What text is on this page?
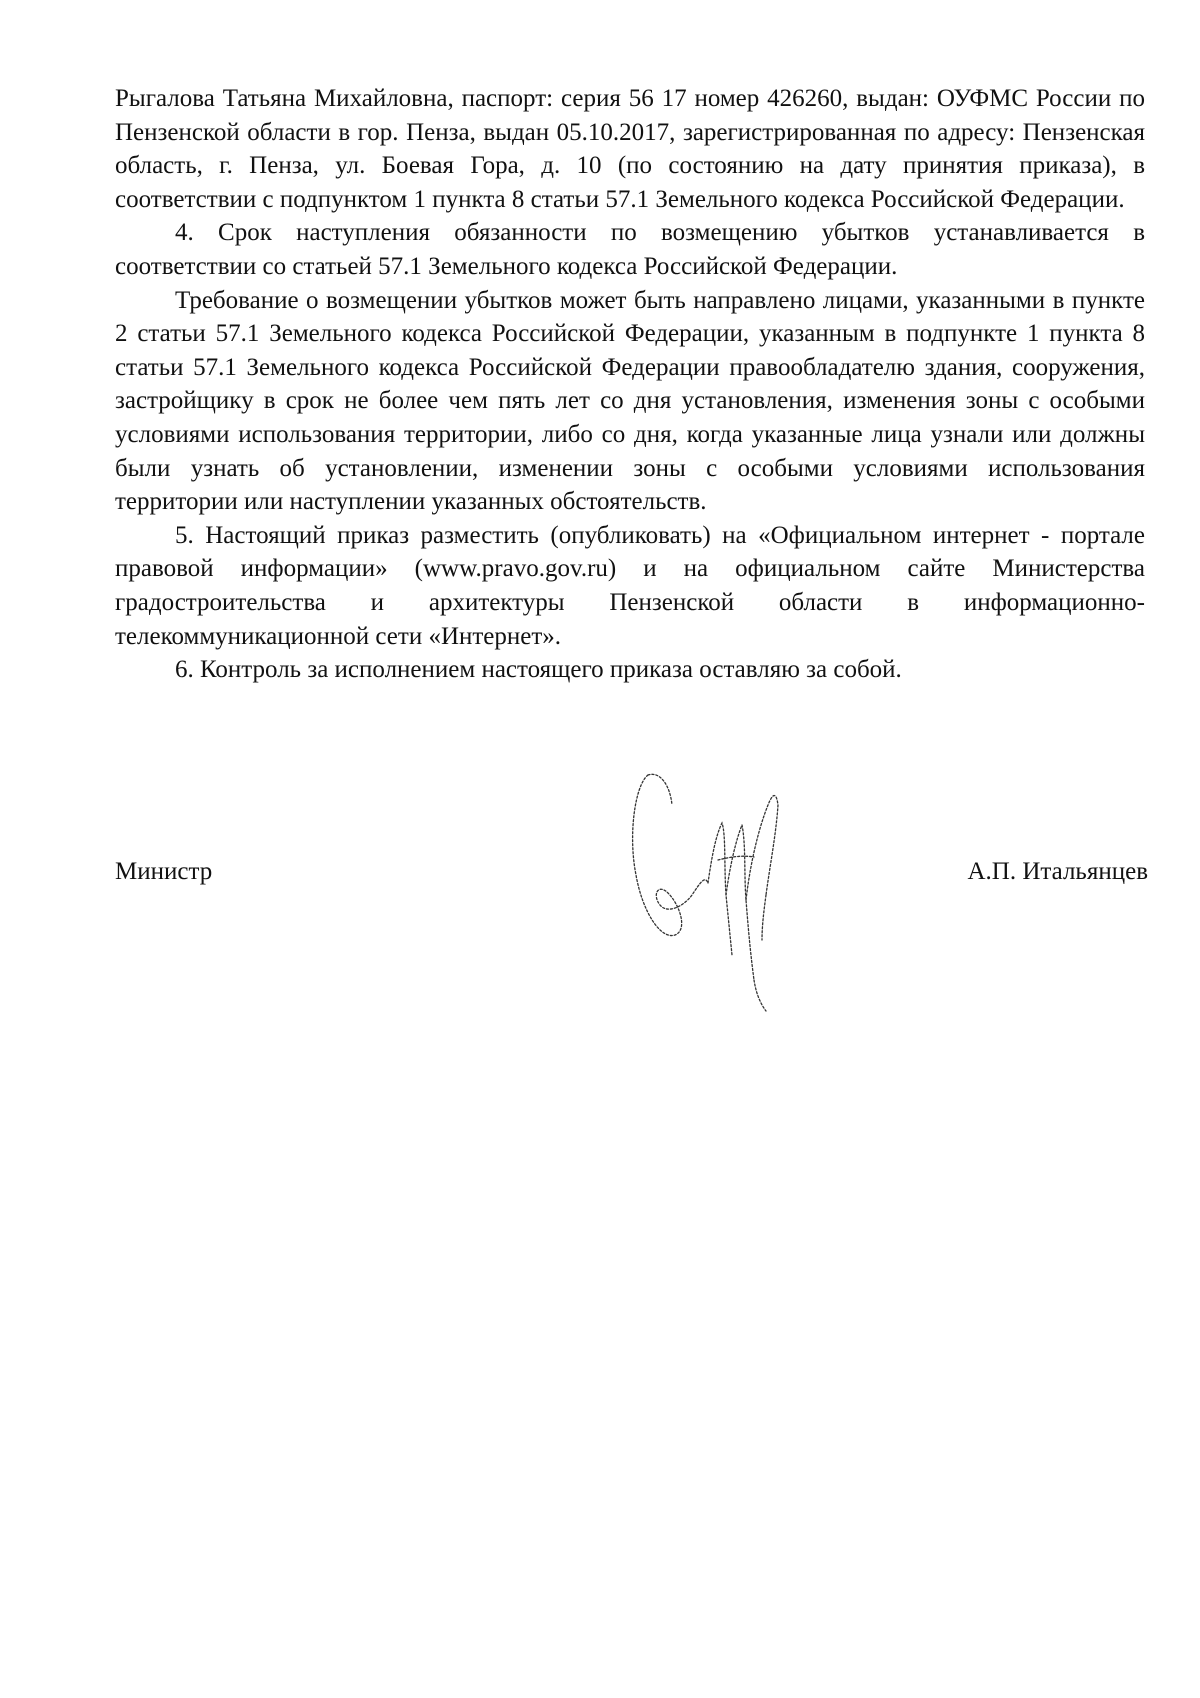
Рыгалова Татьяна Михайловна, паспорт: серия 56 17 номер 426260, выдан: ОУФМС России по Пензенской области в гор. Пенза, выдан 05.10.2017, зарегистрированная по адресу: Пензенская область, г. Пенза, ул. Боевая Гора, д. 10 (по состоянию на дату принятия приказа), в соответствии с подпунктом 1 пункта 8 статьи 57.1 Земельного кодекса Российской Федерации.

4. Срок наступления обязанности по возмещению убытков устанавливается в соответствии со статьей 57.1 Земельного кодекса Российской Федерации.

Требование о возмещении убытков может быть направлено лицами, указанными в пункте 2 статьи 57.1 Земельного кодекса Российской Федерации, указанным в подпункте 1 пункта 8 статьи 57.1 Земельного кодекса Российской Федерации правообладателю здания, сооружения, застройщику в срок не более чем пять лет со дня установления, изменения зоны с особыми условиями использования территории, либо со дня, когда указанные лица узнали или должны были узнать об установлении, изменении зоны с особыми условиями использования территории или наступлении указанных обстоятельств.

5. Настоящий приказ разместить (опубликовать) на «Официальном интернет - портале правовой информации» (www.pravo.gov.ru) и на официальном сайте Министерства градостроительства и архитектуры Пензенской области в информационно-телекоммуникационной сети «Интернет».

6. Контроль за исполнением настоящего приказа оставляю за собой.

Министр	А.П. Итальянцев
